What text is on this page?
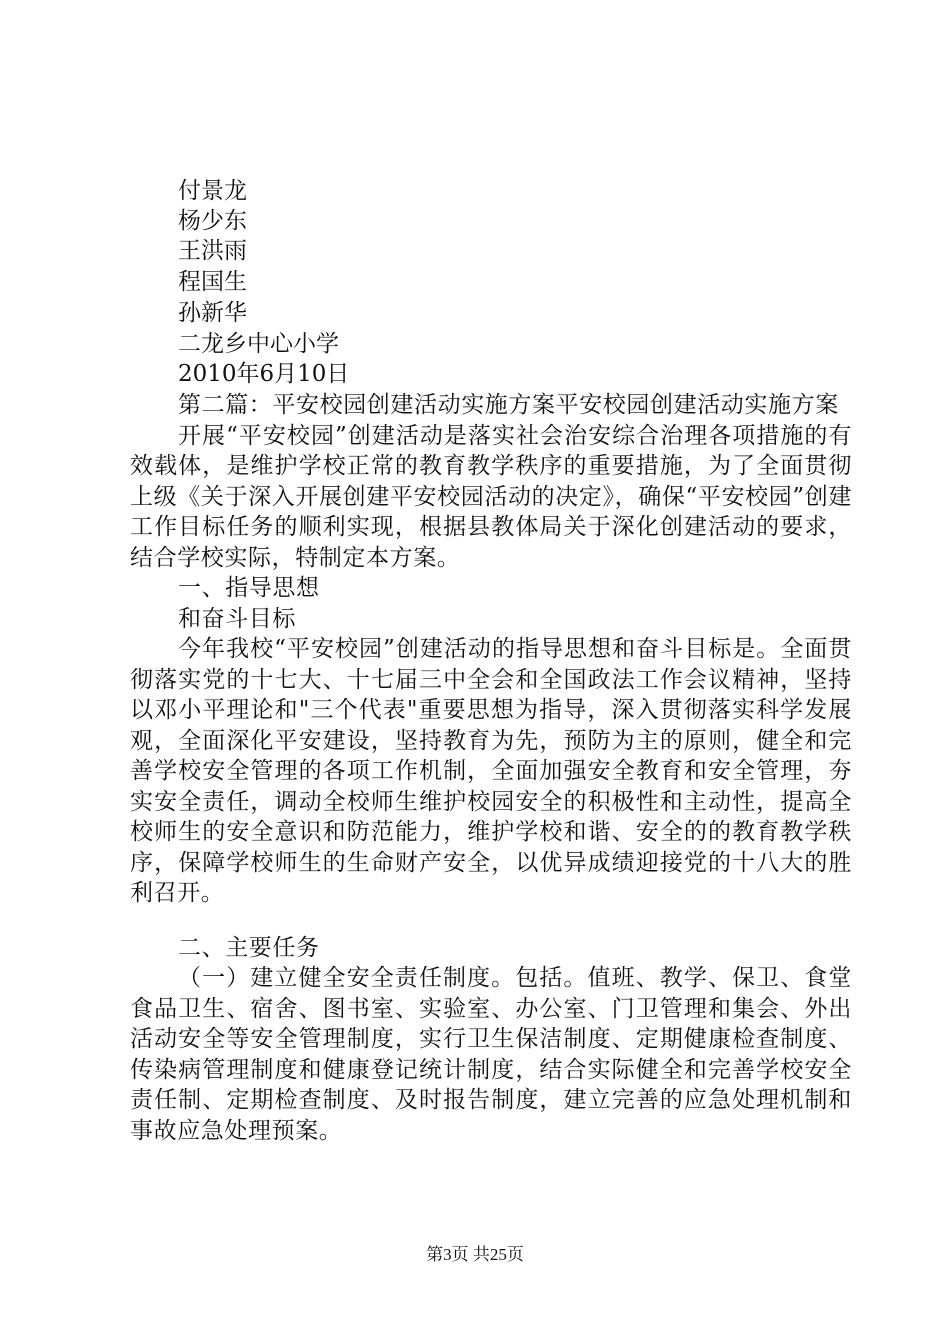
付景龙
杨少东
王洪雨
程国生
孙新华
二龙乡中心小学
2010年6月10日

第二篇：平安校园创建活动实施方案平安校园创建活动实施方案

开展“平安校园”创建活动是落实社会治安综合治理各项措施的有效载体，是维护学校正常的教育教学秩序的重要措施，为了全面贯彻上级《关于深入开展创建平安校园活动的决定》，确保“平安校园”创建工作目标任务的顺利实现，根据县教体局关于深化创建活动的要求，结合学校实际，特制定本方案。

一、指导思想

和奋斗目标

今年我校“平安校园”创建活动的指导思想和奋斗目标是。全面贯彻落实党的十七大、十七届三中全会和全国政法工作会议精神，坚持以邓小平理论和"三个代表"重要思想为指导，深入贯彻落实科学发展观，全面深化平安建设，坚持教育为先，预防为主的原则，健全和完善学校安全管理的各项工作机制，全面加强安全教育和安全管理，夯实安全责任，调动全校师生维护校园安全的积极性和主动性，提高全校师生的安全意识和防范能力，维护学校和谐、安全的的教育教学秩序，保障学校师生的生命财产安全，以优异成绩迎接党的十八大的胜利召开。

二、主要任务

（一）建立健全安全责任制度。包括。值班、教学、保卫、食堂食品卫生、宿舍、图书室、实验室、办公室、门卫管理和集会、外出活动安全等安全管理制度，实行卫生保洁制度、定期健康检查制度、传染病管理制度和健康登记统计制度，结合实际健全和完善学校安全责任制、定期检查制度、及时报告制度，建立完善的应急处理机制和事故应急处理预案。

第3页 共25页
